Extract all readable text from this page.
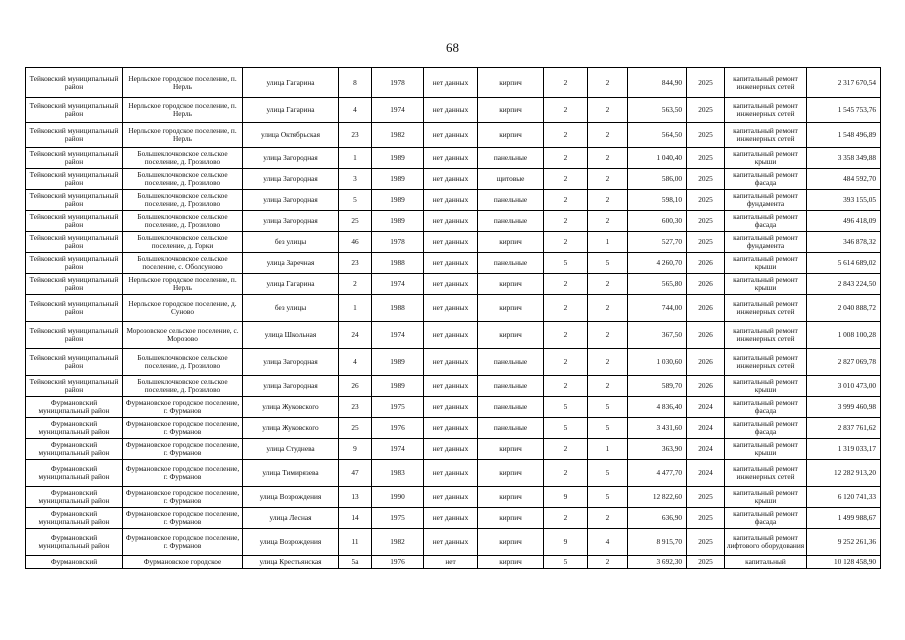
68
Тейковский муниципальный район	Нерльское городское поселение, п. Нерль	улица Гагарина	8	1978	нет данных	кирпич	2	2	844,90	2025	капитальный ремонт инженерных сетей	2 317 670,54
Тейковский муниципальный район	Нерльское городское поселение, п. Нерль	улица Гагарина	4	1974	нет данных	кирпич	2	2	563,50	2025	капитальный ремонт инженерных сетей	1 545 753,76
Тейковский муниципальный район	Нерльское городское поселение, п. Нерль	улица Октябрьская	23	1982	нет данных	кирпич	2	2	564,50	2025	капитальный ремонт инженерных сетей	1 548 496,89
Тейковский муниципальный район	Большеклочковское сельское поселение, д. Грозилово	улица Загородная	1	1989	нет данных	панельные	2	2	1 040,40	2025	капитальный ремонт крыши	3 358 349,88
Тейковский муниципальный район	Большеклочковское сельское поселение, д. Грозилово	улица Загородная	3	1989	нет данных	щитовые	2	2	586,00	2025	капитальный ремонт фасада	484 592,70
Тейковский муниципальный район	Большеклочковское сельское поселение, д. Грозилово	улица Загородная	5	1989	нет данных	панельные	2	2	598,10	2025	капитальный ремонт фундамента	393 155,05
Тейковский муниципальный район	Большеклочковское сельское поселение, д. Грозилово	улица Загородная	25	1989	нет данных	панельные	2	2	600,30	2025	капитальный ремонт фасада	496 418,09
Тейковский муниципальный район	Большеклочковское сельское поселение, д. Горки	без улицы	46	1978	нет данных	кирпич	2	1	527,70	2025	капитальный ремонт фундамента	346 878,32
Тейковский муниципальный район	Большеклочковское сельское поселение, с. Оболсуново	улица Заречная	23	1988	нет данных	панельные	5	5	4 260,70	2026	капитальный ремонт крыши	5 614 689,02
Тейковский муниципальный район	Нерльское городское поселение, п. Нерль	улица Гагарина	2	1974	нет данных	кирпич	2	2	565,80	2026	капитальный ремонт крыши	2 843 224,50
Тейковский муниципальный район	Нерльское городское поселение, д. Суново	без улицы	1	1988	нет данных	кирпич	2	2	744,00	2026	капитальный ремонт инженерных сетей	2 040 888,72
Тейковский муниципальный район	Морозовское сельское поселение, с. Морозово	улица Школьная	24	1974	нет данных	кирпич	2	2	367,50	2026	капитальный ремонт инженерных сетей	1 008 100,28
Тейковский муниципальный район	Большеклочковское сельское поселение, д. Грозилово	улица Загородная	4	1989	нет данных	панельные	2	2	1 030,60	2026	капитальный ремонт инженерных сетей	2 827 069,78
Тейковский муниципальный район	Большеклочковское сельское поселение, д. Грозилово	улица Загородная	26	1989	нет данных	панельные	2	2	589,70	2026	капитальный ремонт крыши	3 010 473,00
Фурмановский муниципальный район	Фурмановское городское поселение, г. Фурманов	улица Жуковского	23	1975	нет данных	панельные	5	5	4 836,40	2024	капитальный ремонт фасада	3 999 460,98
Фурмановский муниципальный район	Фурмановское городское поселение, г. Фурманов	улица Жуковского	25	1976	нет данных	панельные	5	5	3 431,60	2024	капитальный ремонт фасада	2 837 761,62
Фурмановский муниципальный район	Фурмановское городское поселение, г. Фурманов	улица Студнева	9	1974	нет данных	кирпич	2	1	363,90	2024	капитальный ремонт крыши	1 319 033,17
Фурмановский муниципальный район	Фурмановское городское поселение, г. Фурманов	улица Тимирязева	47	1983	нет данных	кирпич	2	5	4 477,70	2024	капитальный ремонт инженерных сетей	12 282 913,20
Фурмановский муниципальный район	Фурмановское городское поселение, г. Фурманов	улица Возрождения	13	1990	нет данных	кирпич	9	5	12 822,60	2025	капитальный ремонт крыши	6 120 741,33
Фурмановский муниципальный район	Фурмановское городское поселение, г. Фурманов	улица Лесная	14	1975	нет данных	кирпич	2	2	636,90	2025	капитальный ремонт фасада	1 499 988,67
Фурмановский муниципальный район	Фурмановское городское поселение, г. Фурманов	улица Возрождения	11	1982	нет данных	кирпич	9	4	8 915,70	2025	капитальный ремонт лифтового оборудования	9 252 261,36
Фурмановский	Фурмановское городское	улица Крестьянская	5а	1976	нет	кирпич	5	2	3 692,30	2025	капитальный	10 128 458,90
